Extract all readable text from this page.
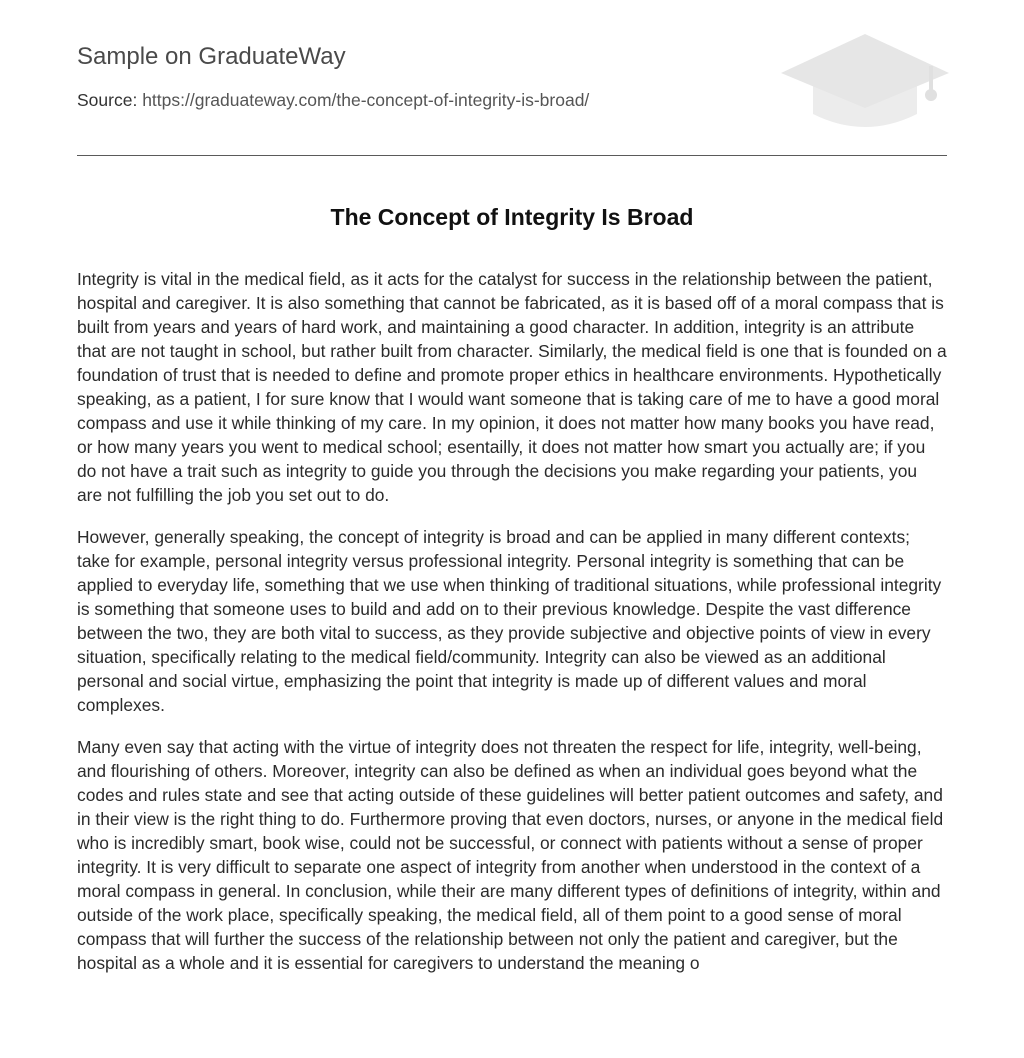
Sample on GraduateWay
Source: https://graduateway.com/the-concept-of-integrity-is-broad/
The Concept of Integrity Is Broad

Integrity is vital in the medical field, as it acts for the catalyst for success in the relationship between the patient, hospital and caregiver. It is also something that cannot be fabricated, as it is based off of a moral compass that is built from years and years of hard work, and maintaining a good character. In addition, integrity is an attribute that are not taught in school, but rather built from character. Similarly, the medical field is one that is founded on a foundation of trust that is needed to define and promote proper ethics in healthcare environments. Hypothetically speaking, as a patient, I for sure know that I would want someone that is taking care of me to have a good moral compass and use it while thinking of my care. In my opinion, it does not matter how many books you have read, or how many years you went to medical school; esentailly, it does not matter how smart you actually are; if you do not have a trait such as integrity to guide you through the decisions you make regarding your patients, you are not fulfilling the job you set out to do.

However, generally speaking, the concept of integrity is broad and can be applied in many different contexts; take for example, personal integrity versus professional integrity. Personal integrity is something that can be applied to everyday life, something that we use when thinking of traditional situations, while professional integrity is something that someone uses to build and add on to their previous knowledge. Despite the vast difference between the two, they are both vital to success, as they provide subjective and objective points of view in every situation, specifically relating to the medical field/community. Integrity can also be viewed as an additional personal and social virtue, emphasizing the point that integrity is made up of different values and moral complexes.

Many even say that acting with the virtue of integrity does not threaten the respect for life, integrity, well-being, and flourishing of others. Moreover, integrity can also be defined as when an individual goes beyond what the codes and rules state and see that acting outside of these guidelines will better patient outcomes and safety, and in their view is the right thing to do. Furthermore proving that even doctors, nurses, or anyone in the medical field who is incredibly smart, book wise, could not be successful, or connect with patients without a sense of proper integrity. It is very difficult to separate one aspect of integrity from another when understood in the context of a moral compass in general. In conclusion, while their are many different types of definitions of integrity, within and outside of the work place, specifically speaking, the medical field, all of them point to a good sense of moral compass that will further the success of the relationship between not only the patient and caregiver, but the hospital as a whole and it is essential for caregivers to understand the meaning o
